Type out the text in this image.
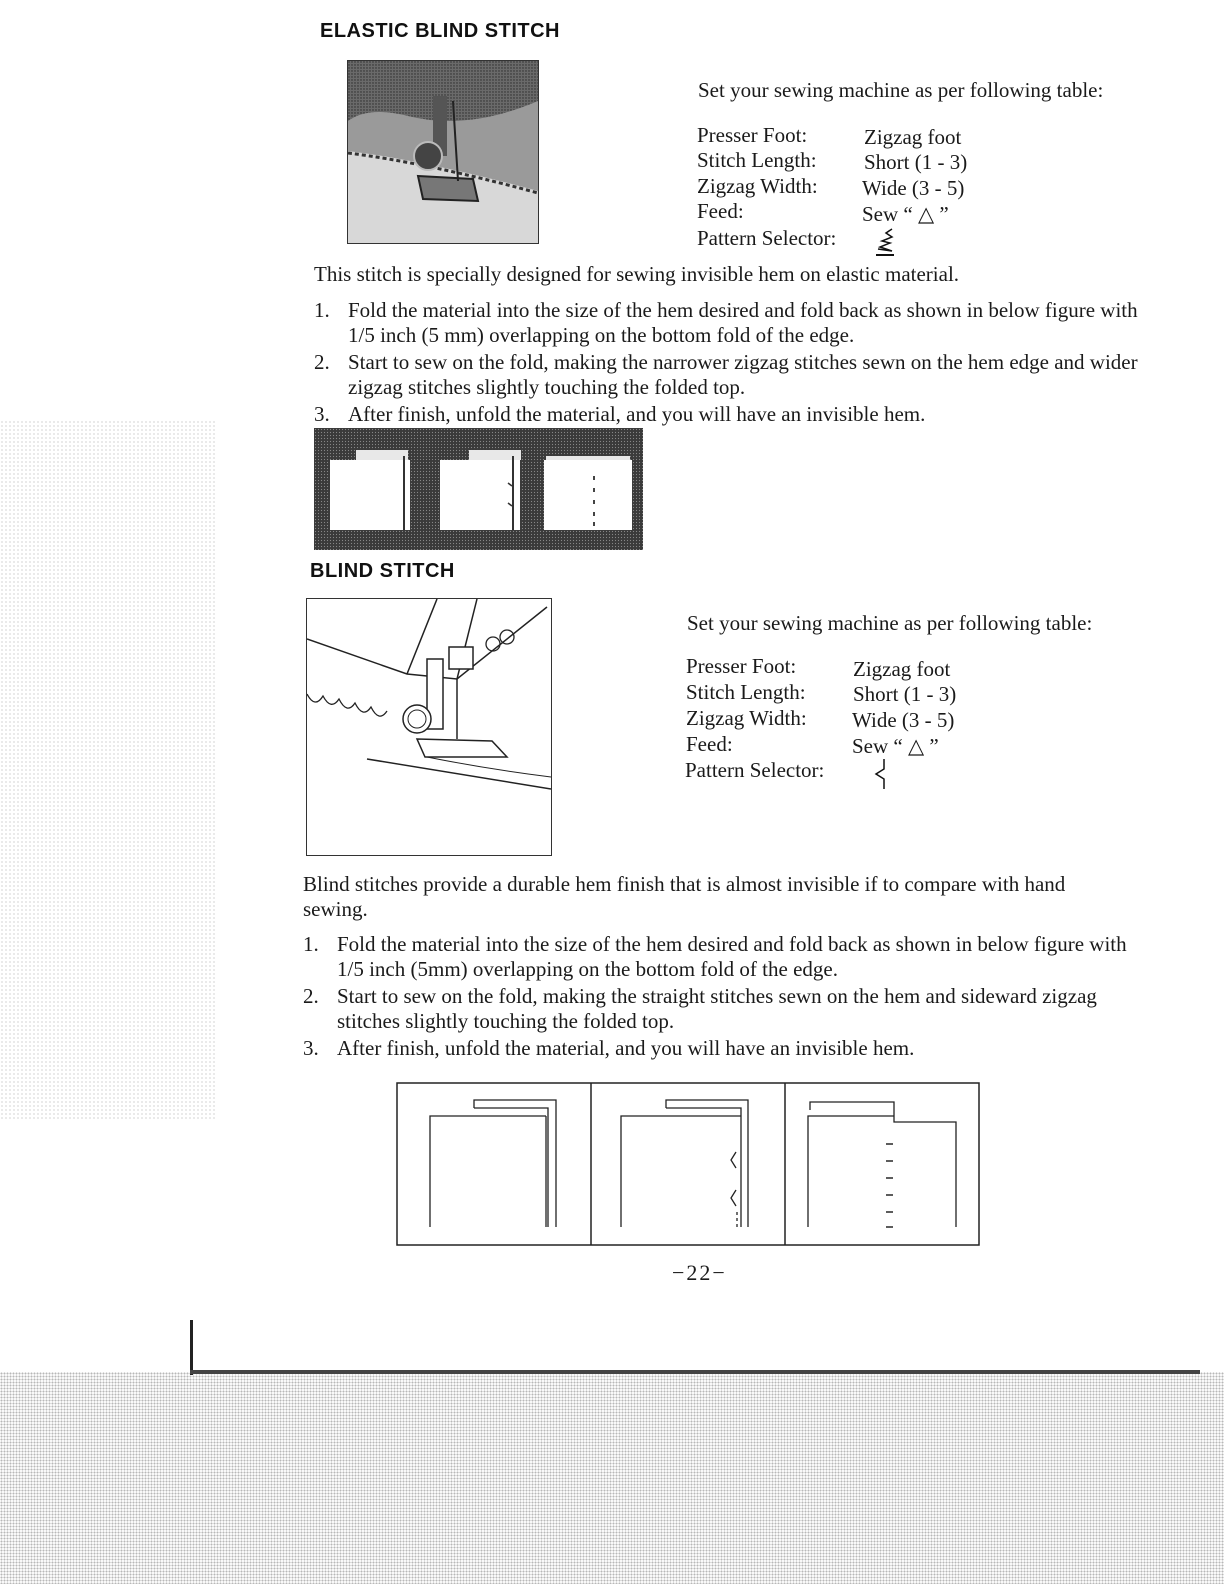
ELASTIC BLIND STITCH
Set your sewing machine as per following table:
Presser Foot:	Zigzag foot
Stitch Length: Short (1 - 3)
Zigzag Width: Wide (3 - 5)
Feed:	Sew “ △ ”
Pattern Selector:
This stitch is specially designed for sewing invisible hem on elastic material.
1. Fold the material into the size of the hem desired and fold back as shown in below figure with 1/5 inch (5 mm) overlapping on the bottom fold of the edge.
2. Start to sew on the fold, making the narrower zigzag stitches sewn on the hem edge and wider zigzag stitches slightly touching the folded top.
3. After finish, unfold the material, and you will have an invisible hem.
BLIND STITCH
Set your sewing machine as per following table:
Presser Foot:	Zigzag foot
Stitch Length: Short (1 - 3)
Zigzag Width: Wide (3 - 5)
Feed:	Sew “ △ ”
Pattern Selector:
Blind stitches provide a durable hem finish that is almost invisible if to compare with hand sewing.
1. Fold the material into the size of the hem desired and fold back as shown in below figure with 1/5 inch (5mm) overlapping on the bottom fold of the edge.
2. Start to sew on the fold, making the straight stitches sewn on the hem and sideward zigzag stitches slightly touching the folded top.
3. After finish, unfold the material, and you will have an invisible hem.
−22−
